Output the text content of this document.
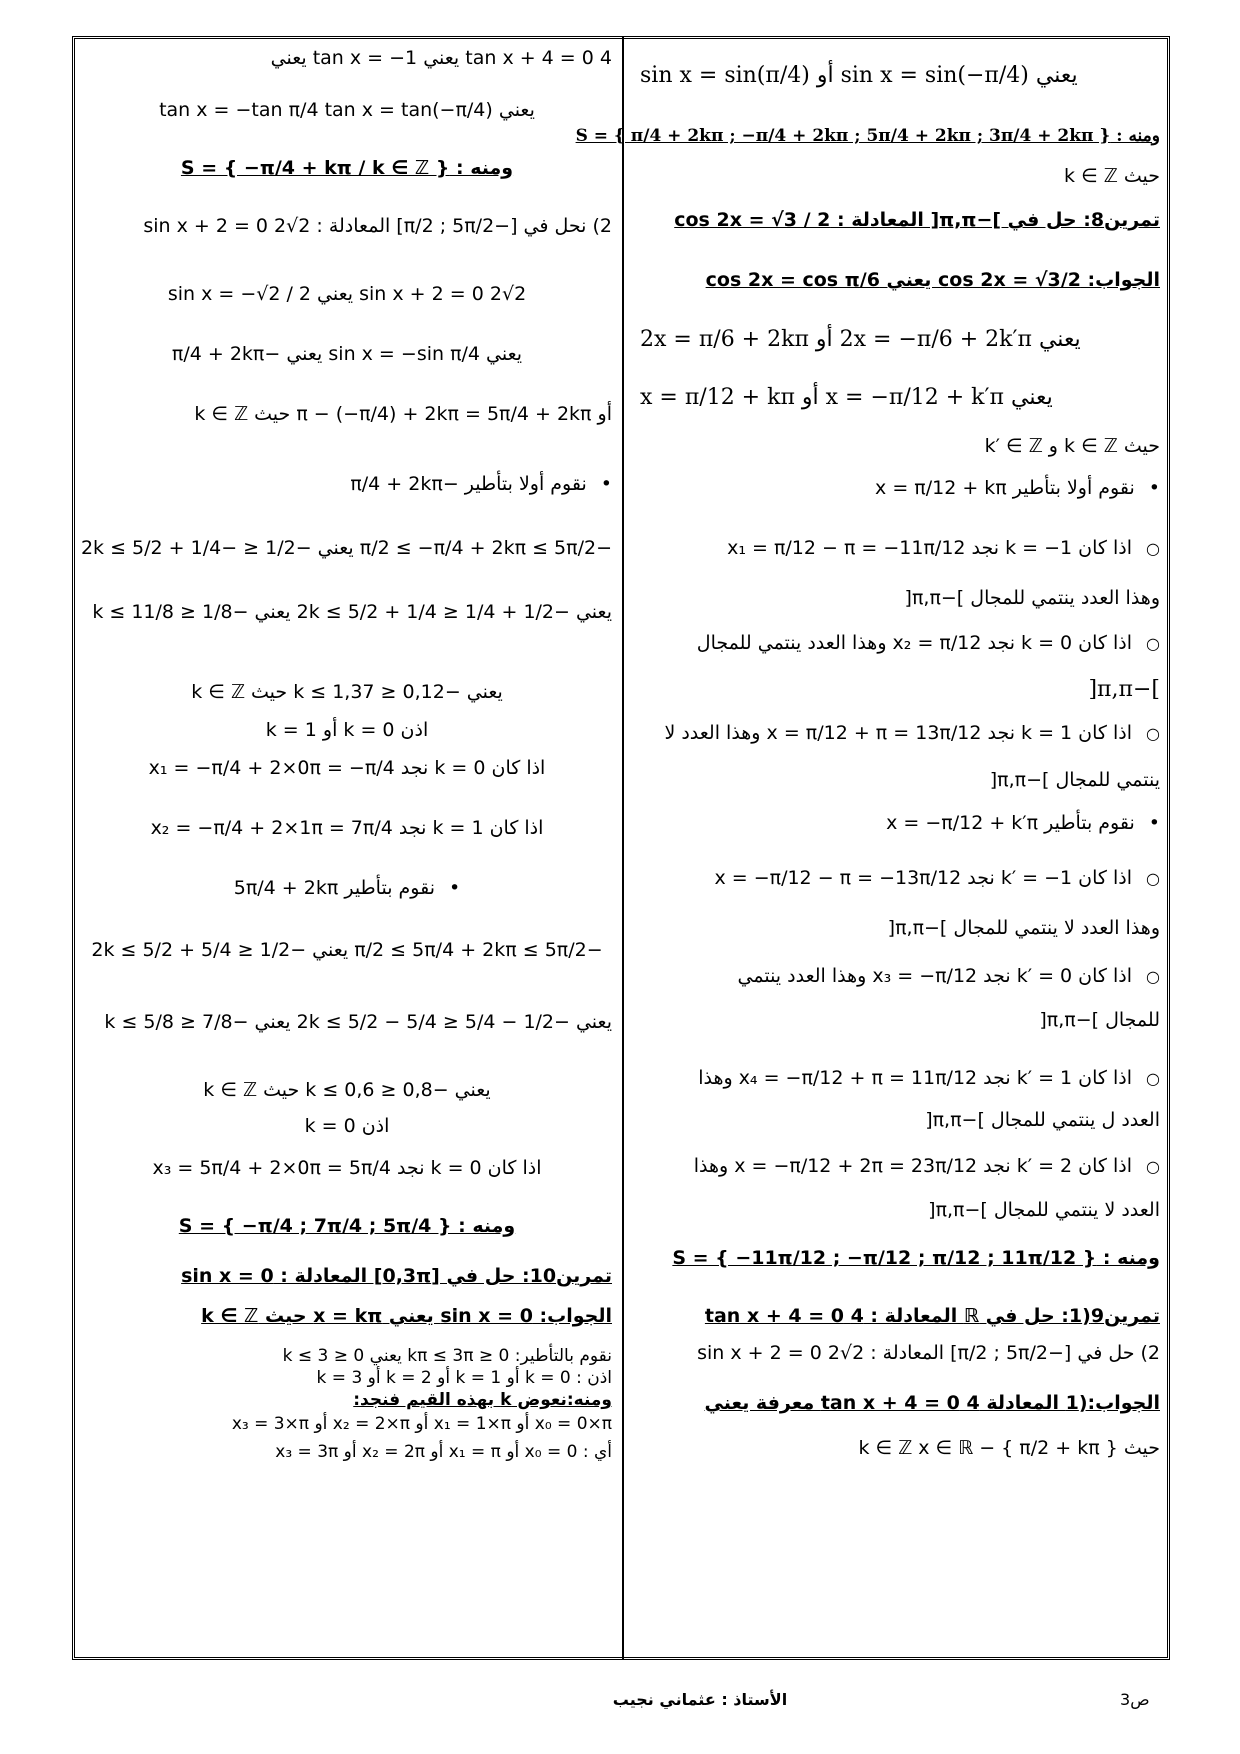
يعني sin x = sin(−π/4) أو sin x = sin(π/4)
ومنه : S = { π/4 + 2kπ ; −π/4 + 2kπ ; 5π/4 + 2kπ ; 3π/4 + 2kπ }
حيث k ∈ ℤ
تمرين8: حل في ]−π,π[ المعادلة : cos 2x = √3 / 2
الجواب: cos 2x = √3/2 يعني cos 2x = cos π/6
يعني 2x = −π/6 + 2k′π أو 2x = π/6 + 2kπ
يعني x = −π/12 + k′π أو x = π/12 + kπ
حيث k ∈ ℤ و k′ ∈ ℤ
• نقوم أولا بتأطير x = π/12 + kπ
○ اذا كان k = −1 نجد x₁ = π/12 − π = −11π/12
وهذا العدد ينتمي للمجال ]−π,π[
○ اذا كان k = 0 نجد x₂ = π/12 وهذا العدد ينتمي للمجال
]−π,π[
○ اذا كان k = 1 نجد x = π/12 + π = 13π/12 وهذا العدد لا
ينتمي للمجال ]−π,π[
• نقوم بتأطير x = −π/12 + k′π
○ اذا كان k′ = −1 نجد x = −π/12 − π = −13π/12
وهذا العدد لا ينتمي للمجال ]−π,π[
○ اذا كان k′ = 0 نجد x₃ = −π/12 وهذا العدد ينتمي
للمجال ]−π,π[
○ اذا كان k′ = 1 نجد x₄ = −π/12 + π = 11π/12 وهذا
العدد ل ينتمي للمجال ]−π,π[
○ اذا كان k′ = 2 نجد x = −π/12 + 2π = 23π/12 وهذا
العدد لا ينتمي للمجال ]−π,π[
ومنه : S = { −11π/12 ; −π/12 ; π/12 ; 11π/12 }
تمرين9(1: حل في ℝ المعادلة : 4 tan x + 4 = 0
2) حل في [−π/2 ; 5π/2] المعادلة : 2√2 sin x + 2 = 0
الجواب:(1 المعادلة 4 tan x + 4 = 0 معرفة يعني
حيث k ∈ ℤ x ∈ ℝ − { π/2 + kπ }
4 tan x + 4 = 0 يعني tan x = −1 يعني
يعني tan x = −tan π/4 tan x = tan(−π/4)
ومنه : S = { −π/4 + kπ / k ∈ ℤ }
2) نحل في [−π/2 ; 5π/2] المعادلة : 2√2 sin x + 2 = 0
2√2 sin x + 2 = 0 يعني sin x = −√2 / 2
يعني sin x = −sin π/4 يعني −π/4 + 2kπ
أو π − (−π/4) + 2kπ = 5π/4 + 2kπ حيث k ∈ ℤ
• نقوم أولا بتأطير −π/4 + 2kπ
−π/2 ≤ −π/4 + 2kπ ≤ 5π/2 يعني −1/2 ≤ −1/4 + 2k ≤ 5/2
يعني −1/2 + 1/4 ≤ 2k ≤ 5/2 + 1/4 يعني −1/8 ≤ k ≤ 11/8
يعني −0,12 ≤ k ≤ 1,37 حيث k ∈ ℤ
اذن k = 0 أو k = 1
اذا كان k = 0 نجد x₁ = −π/4 + 2×0π = −π/4
اذا كان k = 1 نجد x₂ = −π/4 + 2×1π = 7π/4
• نقوم بتأطير 5π/4 + 2kπ
−π/2 ≤ 5π/4 + 2kπ ≤ 5π/2 يعني −1/2 ≤ 5/4 + 2k ≤ 5/2
يعني −1/2 − 5/4 ≤ 2k ≤ 5/2 − 5/4 يعني −7/8 ≤ k ≤ 5/8
يعني −0,8 ≤ k ≤ 0,6 حيث k ∈ ℤ
اذن k = 0
اذا كان k = 0 نجد x₃ = 5π/4 + 2×0π = 5π/4
ومنه : S = { −π/4 ; 7π/4 ; 5π/4 }
تمرين10: حل في [0,3π] المعادلة : sin x = 0
الجواب: sin x = 0 يعني x = kπ حيث k ∈ ℤ
نقوم بالتأطير: 0 ≤ kπ ≤ 3π يعني 0 ≤ k ≤ 3
اذن : k = 0 أو k = 1 أو k = 2 أو k = 3
ومنه:نعوض k بهذه القيم فنجد:
x₀ = 0×π أو x₁ = 1×π أو x₂ = 2×π أو x₃ = 3×π
أي : x₀ = 0 أو x₁ = π أو x₂ = 2π أو x₃ = 3π
الأستاذ : عثماني نجيب	ص3
